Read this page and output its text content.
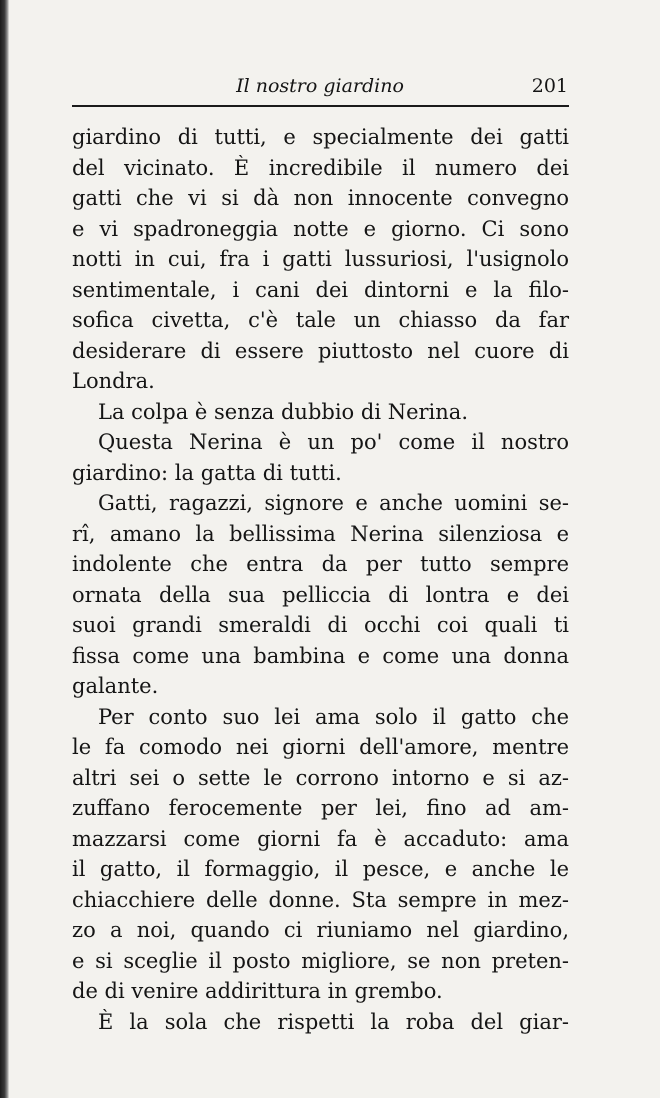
Il nostro giardino	201
giardino di tutti, e specialmente dei gatti
del vicinato. È incredibile il numero dei
gatti che vi si dà non innocente convegno
e vi spadroneggia notte e giorno. Ci sono
notti in cui, fra i gatti lussuriosi, l'usignolo
sentimentale, i cani dei dintorni e la filo-
sofica civetta, c'è tale un chiasso da far
desiderare di essere piuttosto nel cuore di
Londra.
La colpa è senza dubbio di Nerina.
Questa Nerina è un po' come il nostro
giardino: la gatta di tutti.
Gatti, ragazzi, signore e anche uomini se-
rî, amano la bellissima Nerina silenziosa e
indolente che entra da per tutto sempre
ornata della sua pelliccia di lontra e dei
suoi grandi smeraldi di occhi coi quali ti
fissa come una bambina e come una donna
galante.
Per conto suo lei ama solo il gatto che
le fa comodo nei giorni dell'amore, mentre
altri sei o sette le corrono intorno e si az-
zuffano ferocemente per lei, fino ad am-
mazzarsi come giorni fa è accaduto: ama
il gatto, il formaggio, il pesce, e anche le
chiacchiere delle donne. Sta sempre in mez-
zo a noi, quando ci riuniamo nel giardino,
e si sceglie il posto migliore, se non preten-
de di venire addirittura in grembo.
È la sola che rispetti la roba del giar-
